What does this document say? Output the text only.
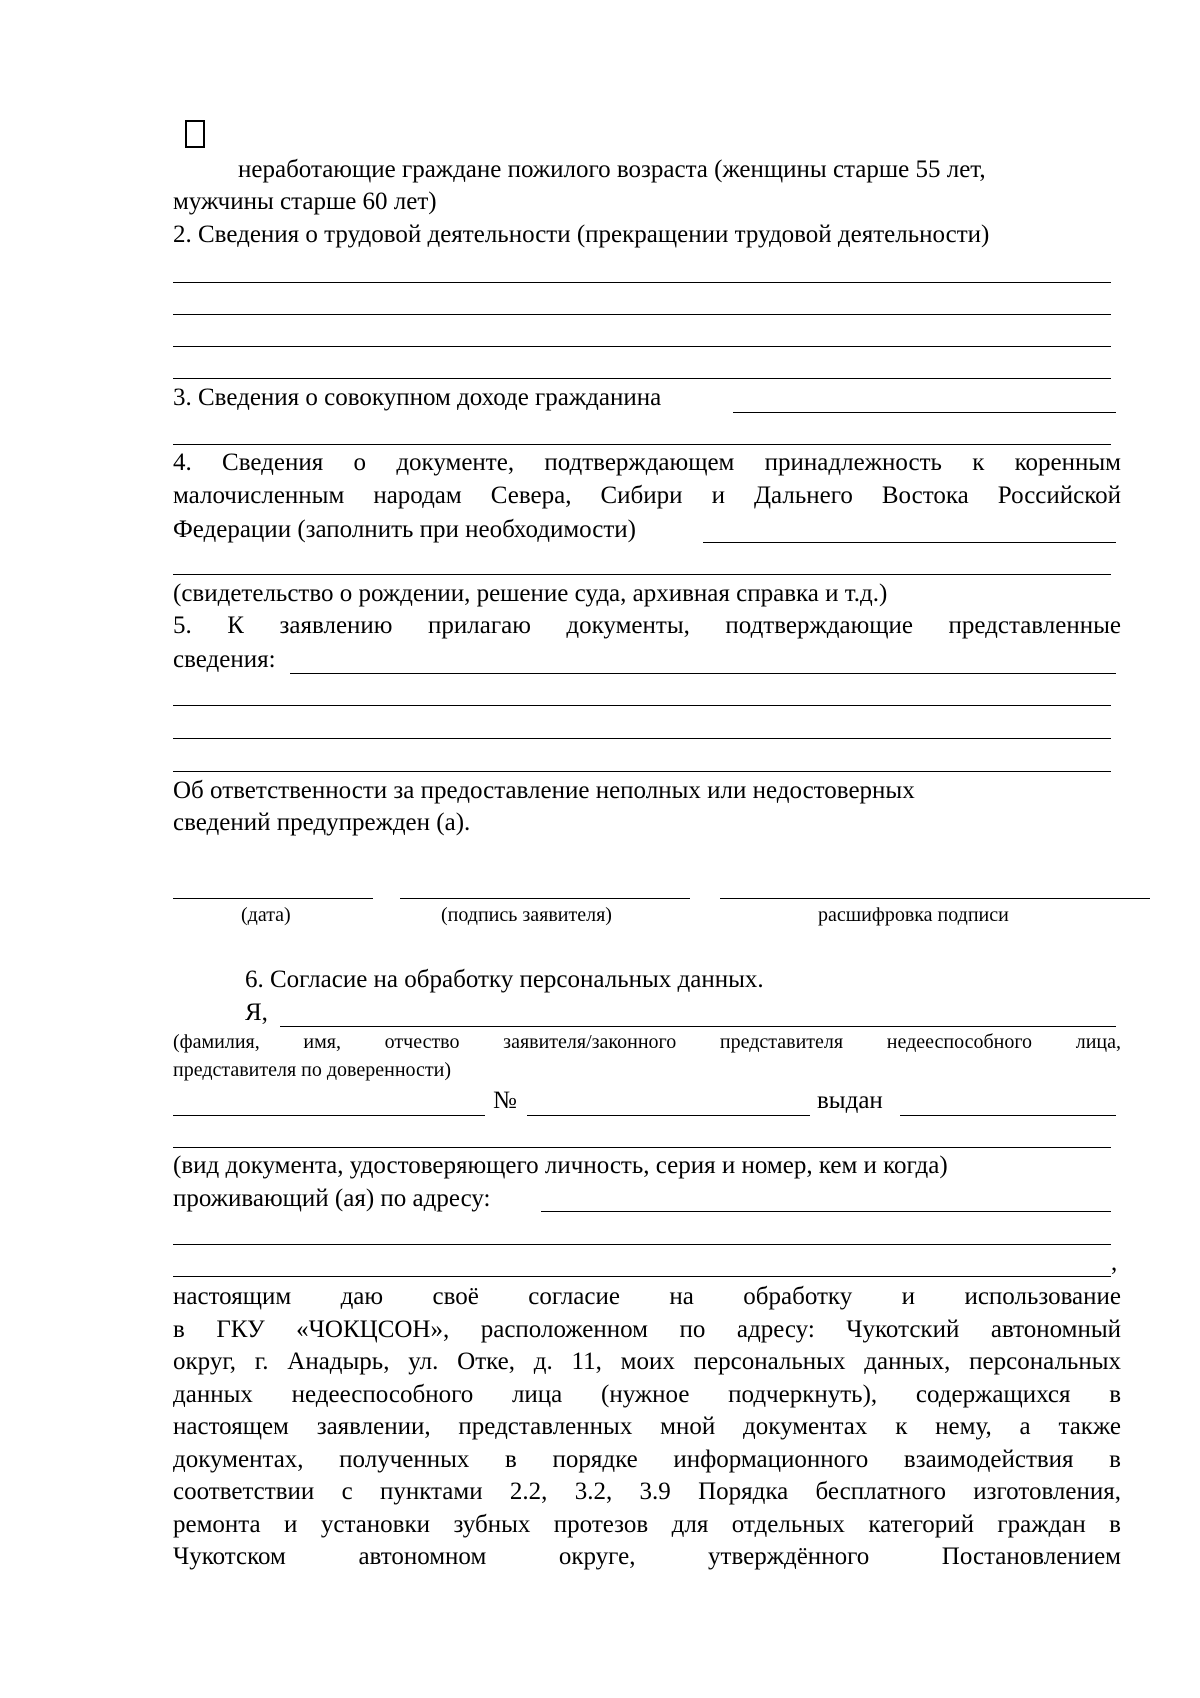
неработающие граждане пожилого возраста (женщины старше 55 лет,
мужчины старше 60 лет)
2. Сведения о трудовой деятельности (прекращении трудовой деятельности)
3. Сведения о совокупном доходе гражданина
4. Сведения о документе, подтверждающем принадлежность к коренным
малочисленным народам Севера, Сибири и Дальнего Востока Российской
Федерации (заполнить при необходимости)
(свидетельство о рождении, решение суда, архивная справка и т.д.)
5. К заявлению прилагаю документы, подтверждающие представленные
сведения:
Об ответственности за предоставление неполных или недостоверных
сведений предупрежден (а).
(дата)	(подпись заявителя)	расшифровка подписи
6. Согласие на обработку персональных данных.
Я,
(фамилия, имя, отчество заявителя/законного представителя недееспособного лица,
представителя по доверенности)
№	выдан
(вид документа, удостоверяющего личность, серия и номер, кем и когда)
проживающий (ая) по адресу:
,
настоящим даю своё согласие на обработку и использование
в ГКУ «ЧОКЦСОН», расположенном по адресу: Чукотский автономный
округ, г. Анадырь, ул. Отке, д. 11, моих персональных данных, персональных
данных недееспособного лица (нужное подчеркнуть), содержащихся в
настоящем заявлении, представленных мной документах к нему, а также
документах, полученных в порядке информационного взаимодействия в
соответствии с пунктами 2.2, 3.2, 3.9 Порядка бесплатного изготовления,
ремонта и установки зубных протезов для отдельных категорий граждан в
Чукотском автономном округе, утверждённого Постановлением
